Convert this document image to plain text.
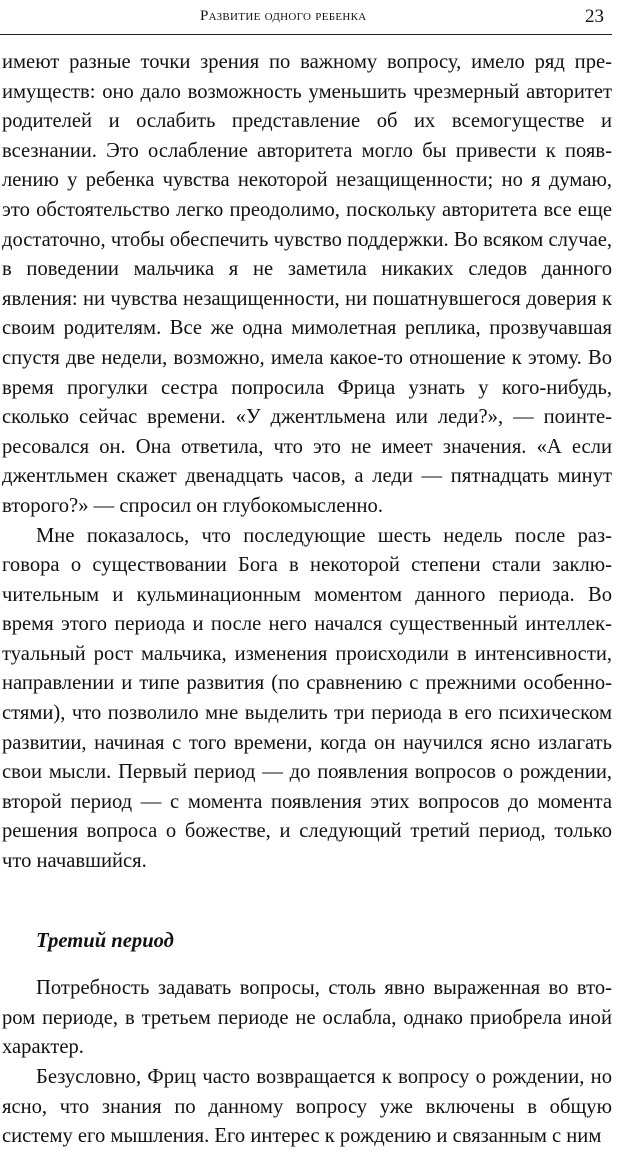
Развитие одного ребенка	23

имеют разные точки зрения по важному вопросу, имело ряд преимуществ: оно дало возможность уменьшить чрезмерный авторитет родителей и ослабить представление об их всемогуществе и всезнании. Это ослабление авторитета могло бы привести к появлению у ребенка чувства некоторой незащищенности; но я думаю, это обстоятельство легко преодолимо, поскольку авторитета все еще достаточно, чтобы обеспечить чувство поддержки. Во всяком случае, в поведении мальчика я не заметила никаких следов данного явления: ни чувства незащищенности, ни пошатнувшегося доверия к своим родителям. Все же одна мимолетная реплика, прозвучавшая спустя две недели, возможно, имела какое-то отношение к этому. Во время прогулки сестра попросила Фрица узнать у кого-нибудь, сколько сейчас времени. «У джентльмена или леди?», — поинтересовался он. Она ответила, что это не имеет значения. «А если джентльмен скажет двенадцать часов, а леди — пятнадцать минут второго?» — спросил он глубокомысленно.

Мне показалось, что последующие шесть недель после разговора о существовании Бога в некоторой степени стали заключительным и кульминационным моментом данного периода. Во время этого периода и после него начался существенный интеллектуальный рост мальчика, изменения происходили в интенсивности, направлении и типе развития (по сравнению с прежними особенностями), что позволило мне выделить три периода в его психическом развитии, начиная с того времени, когда он научился ясно излагать свои мысли. Первый период — до появления вопросов о рождении, второй период — с момента появления этих вопросов до момента решения вопроса о божестве, и следующий третий период, только что начавшийся.

Третий период

Потребность задавать вопросы, столь явно выраженная во втором периоде, в третьем периоде не ослабла, однако приобрела иной характер.

Безусловно, Фриц часто возвращается к вопросу о рождении, но ясно, что знания по данному вопросу уже включены в общую систему его мышления. Его интерес к рождению и связанным с ним
